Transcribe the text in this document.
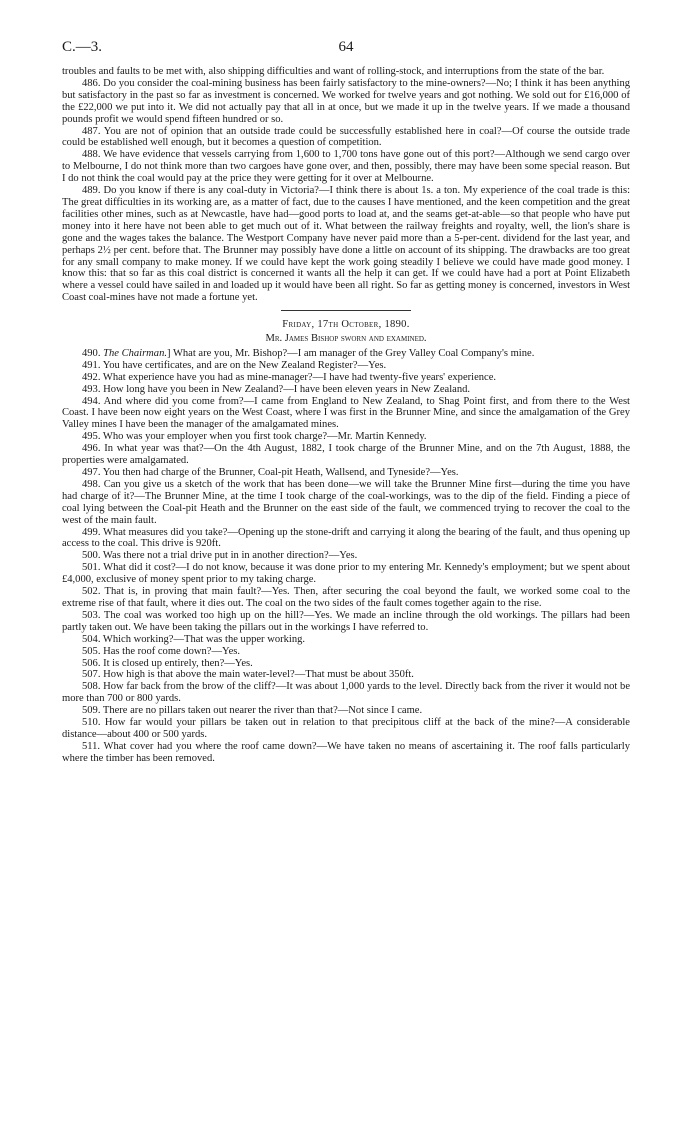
C.—3.	64

troubles and faults to be met with, also shipping difficulties and want of rolling-stock, and interruptions from the state of the bar.

486. Do you consider the coal-mining business has been fairly satisfactory to the mine-owners?—No; I think it has been anything but satisfactory in the past so far as investment is concerned. We worked for twelve years and got nothing. We sold out for £16,000 of the £22,000 we put into it. We did not actually pay that all in at once, but we made it up in the twelve years. If we made a thousand pounds profit we would spend fifteen hundred or so.

487. You are not of opinion that an outside trade could be successfully established here in coal?—Of course the outside trade could be established well enough, but it becomes a question of competition.

488. We have evidence that vessels carrying from 1,600 to 1,700 tons have gone out of this port?—Although we send cargo over to Melbourne, I do not think more than two cargoes have gone over, and then, possibly, there may have been some special reason. But I do not think the coal would pay at the price they were getting for it over at Melbourne.

489. Do you know if there is any coal-duty in Victoria?—I think there is about 1s. a ton. My experience of the coal trade is this: The great difficulties in its working are, as a matter of fact, due to the causes I have mentioned, and the keen competition and the great facilities other mines, such as at Newcastle, have had—good ports to load at, and the seams get-at-able—so that people who have put money into it here have not been able to get much out of it. What between the railway freights and royalty, well, the lion's share is gone and the wages takes the balance. The Westport Company have never paid more than a 5-per-cent. dividend for the last year, and perhaps 2½ per cent. before that. The Brunner may possibly have done a little on account of its shipping. The drawbacks are too great for any small company to make money. If we could have kept the work going steadily I believe we could have made good money. I know this: that so far as this coal district is concerned it wants all the help it can get. If we could have had a port at Point Elizabeth where a vessel could have sailed in and loaded up it would have been all right. So far as getting money is concerned, investors in West Coast coal-mines have not made a fortune yet.

Friday, 17th October, 1890.

Mr. James Bishop sworn and examined.

490. The Chairman.] What are you, Mr. Bishop?—I am manager of the Grey Valley Coal Company's mine.

491. You have certificates, and are on the New Zealand Register?—Yes.

492. What experience have you had as mine-manager?—I have had twenty-five years' experience.

493. How long have you been in New Zealand?—I have been eleven years in New Zealand.

494. And where did you come from?—I came from England to New Zealand, to Shag Point first, and from there to the West Coast. I have been now eight years on the West Coast, where I was first in the Brunner Mine, and since the amalgamation of the Grey Valley mines I have been the manager of the amalgamated mines.

495. Who was your employer when you first took charge?—Mr. Martin Kennedy.

496. In what year was that?—On the 4th August, 1882, I took charge of the Brunner Mine, and on the 7th August, 1888, the properties were amalgamated.

497. You then had charge of the Brunner, Coal-pit Heath, Wallsend, and Tyneside?—Yes.

498. Can you give us a sketch of the work that has been done—we will take the Brunner Mine first—during the time you have had charge of it?—The Brunner Mine, at the time I took charge of the coal-workings, was to the dip of the field. Finding a piece of coal lying between the Coal-pit Heath and the Brunner on the east side of the fault, we commenced trying to recover the coal to the west of the main fault.

499. What measures did you take?—Opening up the stone-drift and carrying it along the bearing of the fault, and thus opening up access to the coal. This drive is 920ft.

500. Was there not a trial drive put in in another direction?—Yes.

501. What did it cost?—I do not know, because it was done prior to my entering Mr. Kennedy's employment; but we spent about £4,000, exclusive of money spent prior to my taking charge.

502. That is, in proving that main fault?—Yes. Then, after securing the coal beyond the fault, we worked some coal to the extreme rise of that fault, where it dies out. The coal on the two sides of the fault comes together again to the rise.

503. The coal was worked too high up on the hill?—Yes. We made an incline through the old workings. The pillars had been partly taken out. We have been taking the pillars out in the workings I have referred to.

504. Which working?—That was the upper working.

505. Has the roof come down?—Yes.

506. It is closed up entirely, then?—Yes.

507. How high is that above the main water-level?—That must be about 350ft.

508. How far back from the brow of the cliff?—It was about 1,000 yards to the level. Directly back from the river it would not be more than 700 or 800 yards.

509. There are no pillars taken out nearer the river than that?—Not since I came.

510. How far would your pillars be taken out in relation to that precipitous cliff at the back of the mine?—A considerable distance—about 400 or 500 yards.

511. What cover had you where the roof came down?—We have taken no means of ascertaining it. The roof falls particularly where the timber has been removed.
